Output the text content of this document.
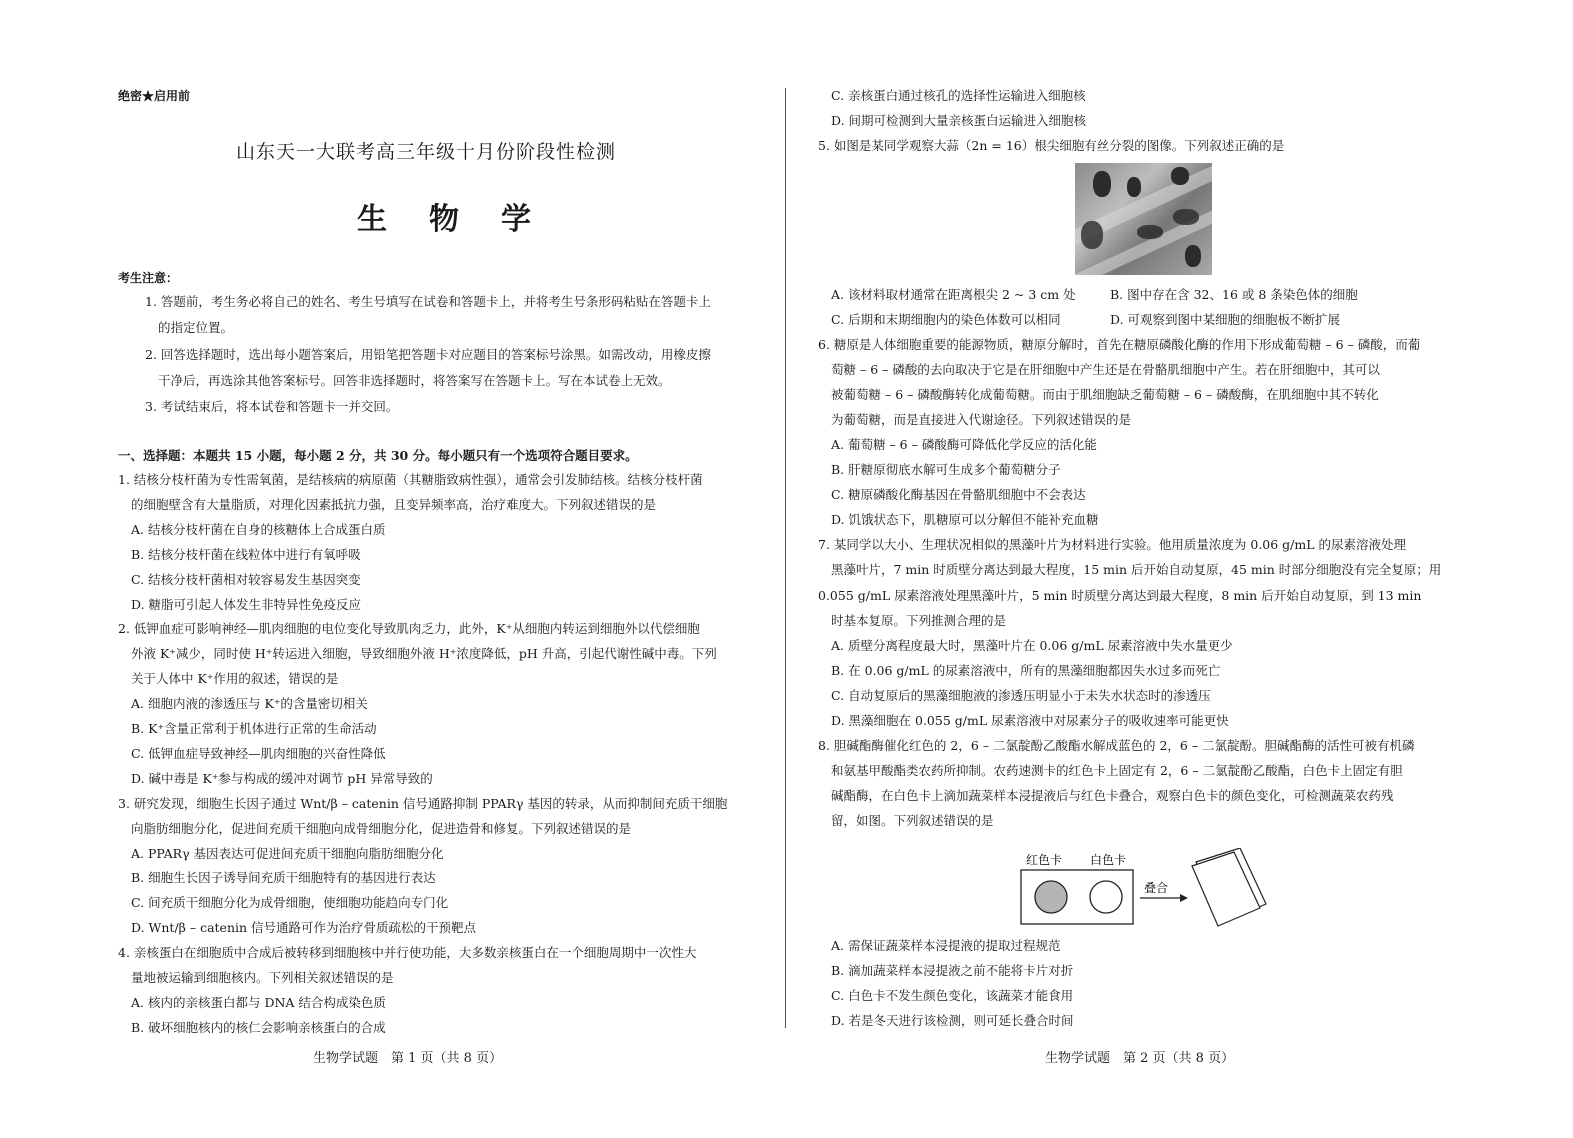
绝密★启用前
山东天一大联考高三年级十月份阶段性检测
生物学
考生注意：
1. 答题前，考生务必将自己的姓名、考生号填写在试卷和答题卡上，并将考生号条形码粘贴在答题卡上
的指定位置。
2. 回答选择题时，选出每小题答案后，用铅笔把答题卡对应题目的答案标号涂黑。如需改动，用橡皮擦
干净后，再选涂其他答案标号。回答非选择题时，将答案写在答题卡上。写在本试卷上无效。
3. 考试结束后，将本试卷和答题卡一并交回。
一、选择题：本题共 15 小题，每小题 2 分，共 30 分。每小题只有一个选项符合题目要求。
1. 结核分枝杆菌为专性需氧菌，是结核病的病原菌（其糖脂致病性强），通常会引发肺结核。结核分枝杆菌
的细胞壁含有大量脂质，对理化因素抵抗力强，且变异频率高，治疗难度大。下列叙述错误的是
A. 结核分枝杆菌在自身的核糖体上合成蛋白质
B. 结核分枝杆菌在线粒体中进行有氧呼吸
C. 结核分枝杆菌相对较容易发生基因突变
D. 糖脂可引起人体发生非特异性免疫反应
2. 低钾血症可影响神经—肌肉细胞的电位变化导致肌肉乏力，此外，K⁺从细胞内转运到细胞外以代偿细胞
外液 K⁺减少，同时使 H⁺转运进入细胞，导致细胞外液 H⁺浓度降低，pH 升高，引起代谢性碱中毒。下列
关于人体中 K⁺作用的叙述，错误的是
A. 细胞内液的渗透压与 K⁺的含量密切相关
B. K⁺含量正常利于机体进行正常的生命活动
C. 低钾血症导致神经—肌肉细胞的兴奋性降低
D. 碱中毒是 K⁺参与构成的缓冲对调节 pH 异常导致的
3. 研究发现，细胞生长因子通过 Wnt/β – catenin 信号通路抑制 PPARγ 基因的转录，从而抑制间充质干细胞
向脂肪细胞分化，促进间充质干细胞向成骨细胞分化，促进造骨和修复。下列叙述错误的是
A. PPARγ 基因表达可促进间充质干细胞向脂肪细胞分化
B. 细胞生长因子诱导间充质干细胞特有的基因进行表达
C. 间充质干细胞分化为成骨细胞，使细胞功能趋向专门化
D. Wnt/β – catenin 信号通路可作为治疗骨质疏松的干预靶点
4. 亲核蛋白在细胞质中合成后被转移到细胞核中并行使功能，大多数亲核蛋白在一个细胞周期中一次性大
量地被运输到细胞核内。下列相关叙述错误的是
A. 核内的亲核蛋白都与 DNA 结合构成染色质
B. 破坏细胞核内的核仁会影响亲核蛋白的合成
生物学试题　第 1 页（共 8 页）
C. 亲核蛋白通过核孔的选择性运输进入细胞核
D. 间期可检测到大量亲核蛋白运输进入细胞核
5. 如图是某同学观察大蒜（2n = 16）根尖细胞有丝分裂的图像。下列叙述正确的是
生物学试题　第 2 页（共 8 页）
A. 该材料取材通常在距离根尖 2 ~ 3 cm 处	B. 图中存在含 32、16 或 8 条染色体的细胞
C. 后期和末期细胞内的染色体数可以相同	D. 可观察到图中某细胞的细胞板不断扩展
6. 糖原是人体细胞重要的能源物质，糖原分解时，首先在糖原磷酸化酶的作用下形成葡萄糖 – 6 – 磷酸，而葡
萄糖 – 6 – 磷酸的去向取决于它是在肝细胞中产生还是在骨骼肌细胞中产生。若在肝细胞中，其可以
被葡萄糖 – 6 – 磷酸酶转化成葡萄糖。而由于肌细胞缺乏葡萄糖 – 6 – 磷酸酶，在肌细胞中其不转化
为葡萄糖，而是直接进入代谢途径。下列叙述错误的是
A. 葡萄糖 – 6 – 磷酸酶可降低化学反应的活化能
B. 肝糖原彻底水解可生成多个葡萄糖分子
C. 糖原磷酸化酶基因在骨骼肌细胞中不会表达
D. 饥饿状态下，肌糖原可以分解但不能补充血糖
7. 某同学以大小、生理状况相似的黑藻叶片为材料进行实验。他用质量浓度为 0.06 g/mL 的尿素溶液处理
黑藻叶片，7 min 时质壁分离达到最大程度，15 min 后开始自动复原，45 min 时部分细胞没有完全复原；用
0.055 g/mL 尿素溶液处理黑藻叶片，5 min 时质壁分离达到最大程度，8 min 后开始自动复原，到 13 min
时基本复原。下列推测合理的是
A. 质壁分离程度最大时，黑藻叶片在 0.06 g/mL 尿素溶液中失水量更少
B. 在 0.06 g/mL 的尿素溶液中，所有的黑藻细胞都因失水过多而死亡
C. 自动复原后的黑藻细胞液的渗透压明显小于未失水状态时的渗透压
D. 黑藻细胞在 0.055 g/mL 尿素溶液中对尿素分子的吸收速率可能更快
8. 胆碱酯酶催化红色的 2，6 – 二氯靛酚乙酸酯水解成蓝色的 2，6 – 二氯靛酚。胆碱酯酶的活性可被有机磷
和氨基甲酸酯类农药所抑制。农药速测卡的红色卡上固定有 2，6 – 二氯靛酚乙酸酯，白色卡上固定有胆
碱酯酶，在白色卡上滴加蔬菜样本浸提液后与红色卡叠合，观察白色卡的颜色变化，可检测蔬菜农药残
留，如图。下列叙述错误的是
红色卡 白色卡
叠合
A. 需保证蔬菜样本浸提液的提取过程规范
B. 滴加蔬菜样本浸提液之前不能将卡片对折
C. 白色卡不发生颜色变化，该蔬菜才能食用
D. 若是冬天进行该检测，则可延长叠合时间
